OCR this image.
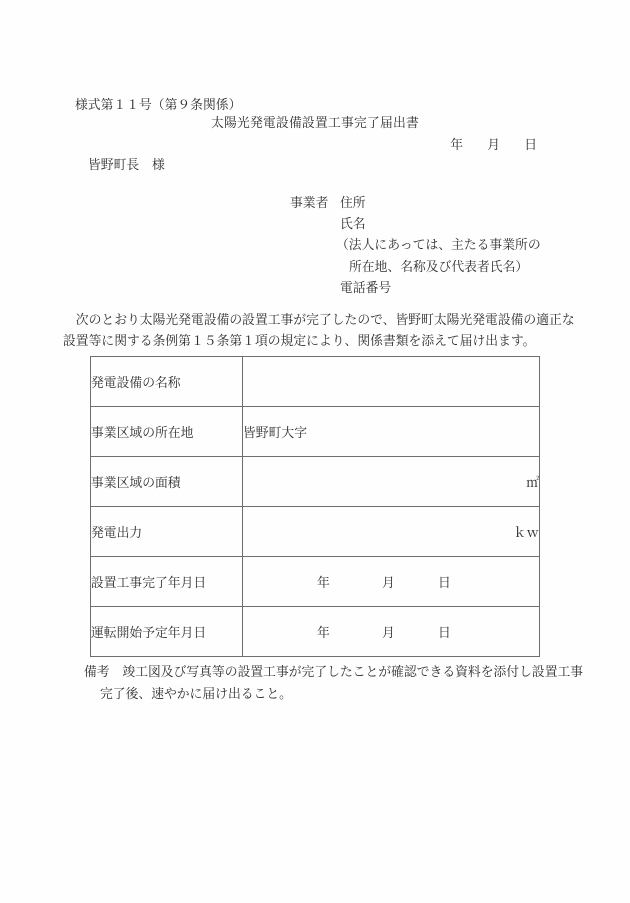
様式第１１号（第９条関係）
太陽光発電設備設置工事完了届出書
年 月 日
皆野町長　様
事業者 住所
氏名
（法人にあっては、主たる事業所の
所在地、名称及び代表者氏名）
電話番号
　次のとおり太陽光発電設備の設置工事が完了したので、皆野町太陽光発電設備の適正な
設置等に関する条例第１５条第１項の規定により、関係書類を添えて届け出ます。
発電設備の名称	
事業区域の所在地	皆野町大字
事業区域の面積	㎡
発電出力	ｋｗ
設置工事完了年月日	年 月 日
運転開始予定年月日	年 月 日
備考　竣工図及び写真等の設置工事が完了したことが確認できる資料を添付し設置工事
完了後、速やかに届け出ること。
